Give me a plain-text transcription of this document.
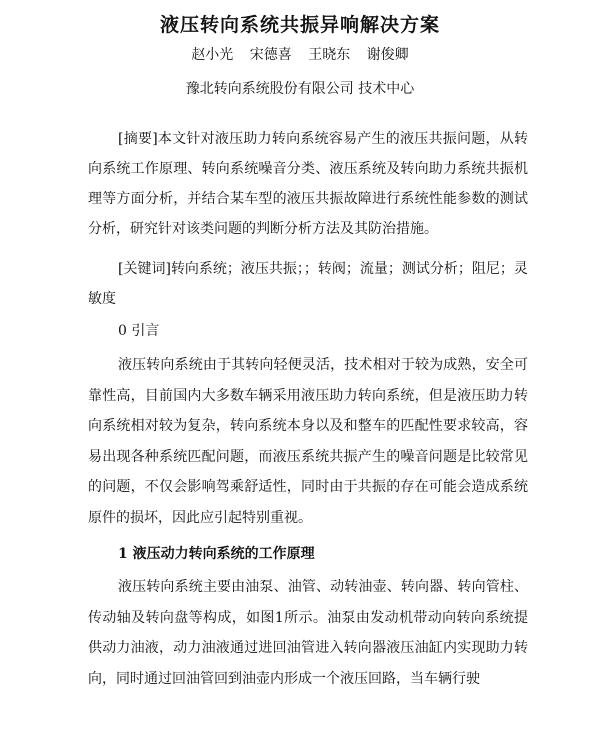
液压转向系统共振异响解决方案
赵小光 宋德喜 王晓东 谢俊卿
豫北转向系统股份有限公司 技术中心
[摘要]本文针对液压助力转向系统容易产生的液压共振问题，从转向系统工作原理、转向系统噪音分类、液压系统及转向助力系统共振机理等方面分析，并结合某车型的液压共振故障进行系统性能参数的测试分析，研究针对该类问题的判断分析方法及其防治措施。
[关键词]转向系统；液压共振；；转阀；流量；测试分析；阻尼；灵敏度
0 引言
液压转向系统由于其转向轻便灵活，技术相对于较为成熟，安全可靠性高，目前国内大多数车辆采用液压助力转向系统，但是液压助力转向系统相对较为复杂，转向系统本身以及和整车的匹配性要求较高，容易出现各种系统匹配问题，而液压系统共振产生的噪音问题是比较常见的问题，不仅会影响驾乘舒适性，同时由于共振的存在可能会造成系统原件的损坏，因此应引起特别重视。
1 液压动力转向系统的工作原理
液压转向系统主要由油泵、油管、动转油壶、转向器、转向管柱、传动轴及转向盘等构成，如图1所示。油泵由发动机带动向转向系统提供动力油液，动力油液通过进回油管进入转向器液压油缸内实现助力转向，同时通过回油管回到油壶内形成一个液压回路，当车辆行驶
